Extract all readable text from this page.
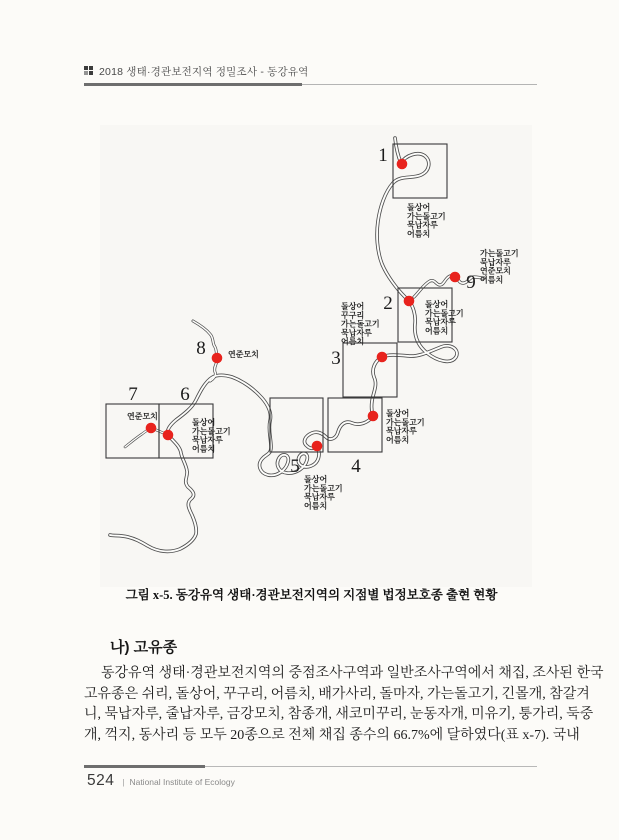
2018 생태·경관보전지역 정밀조사 - 동강유역
1
돌상어
가는돌고기
묵납자루
어름치
2	돌상어
가는돌고기
묵납자루
어름치
3
돌상어
꾸구리
가는돌고기
묵납자루
어름치
4
돌상어
가는돌고기
묵납자루
어름치
5
돌상어
가는돌고기
묵납자루
어름치
6
돌상어
가는돌고기
묵납자루
어름치
7
연준모치
8	연준모치
9
가는돌고기
묵납자루
연준모치
어름치
그림 x-5. 동강유역 생태·경관보전지역의 지점별 법정보호종 출현 현황
나) 고유종
동강유역 생태·경관보전지역의 중점조사구역과 일반조사구역에서 채집, 조사된 한국
고유종은 쉬리, 돌상어, 꾸구리, 어름치, 배가사리, 돌마자, 가는돌고기, 긴몰개, 참갈겨
니, 묵납자루, 줄납자루, 금강모치, 참종개, 새코미꾸리, 눈동자개, 미유기, 퉁가리, 둑중
개, 꺽지, 동사리 등 모두 20종으로 전체 채집 종수의 66.7%에 달하였다(표 x-7). 국내
524 | National Institute of Ecology
